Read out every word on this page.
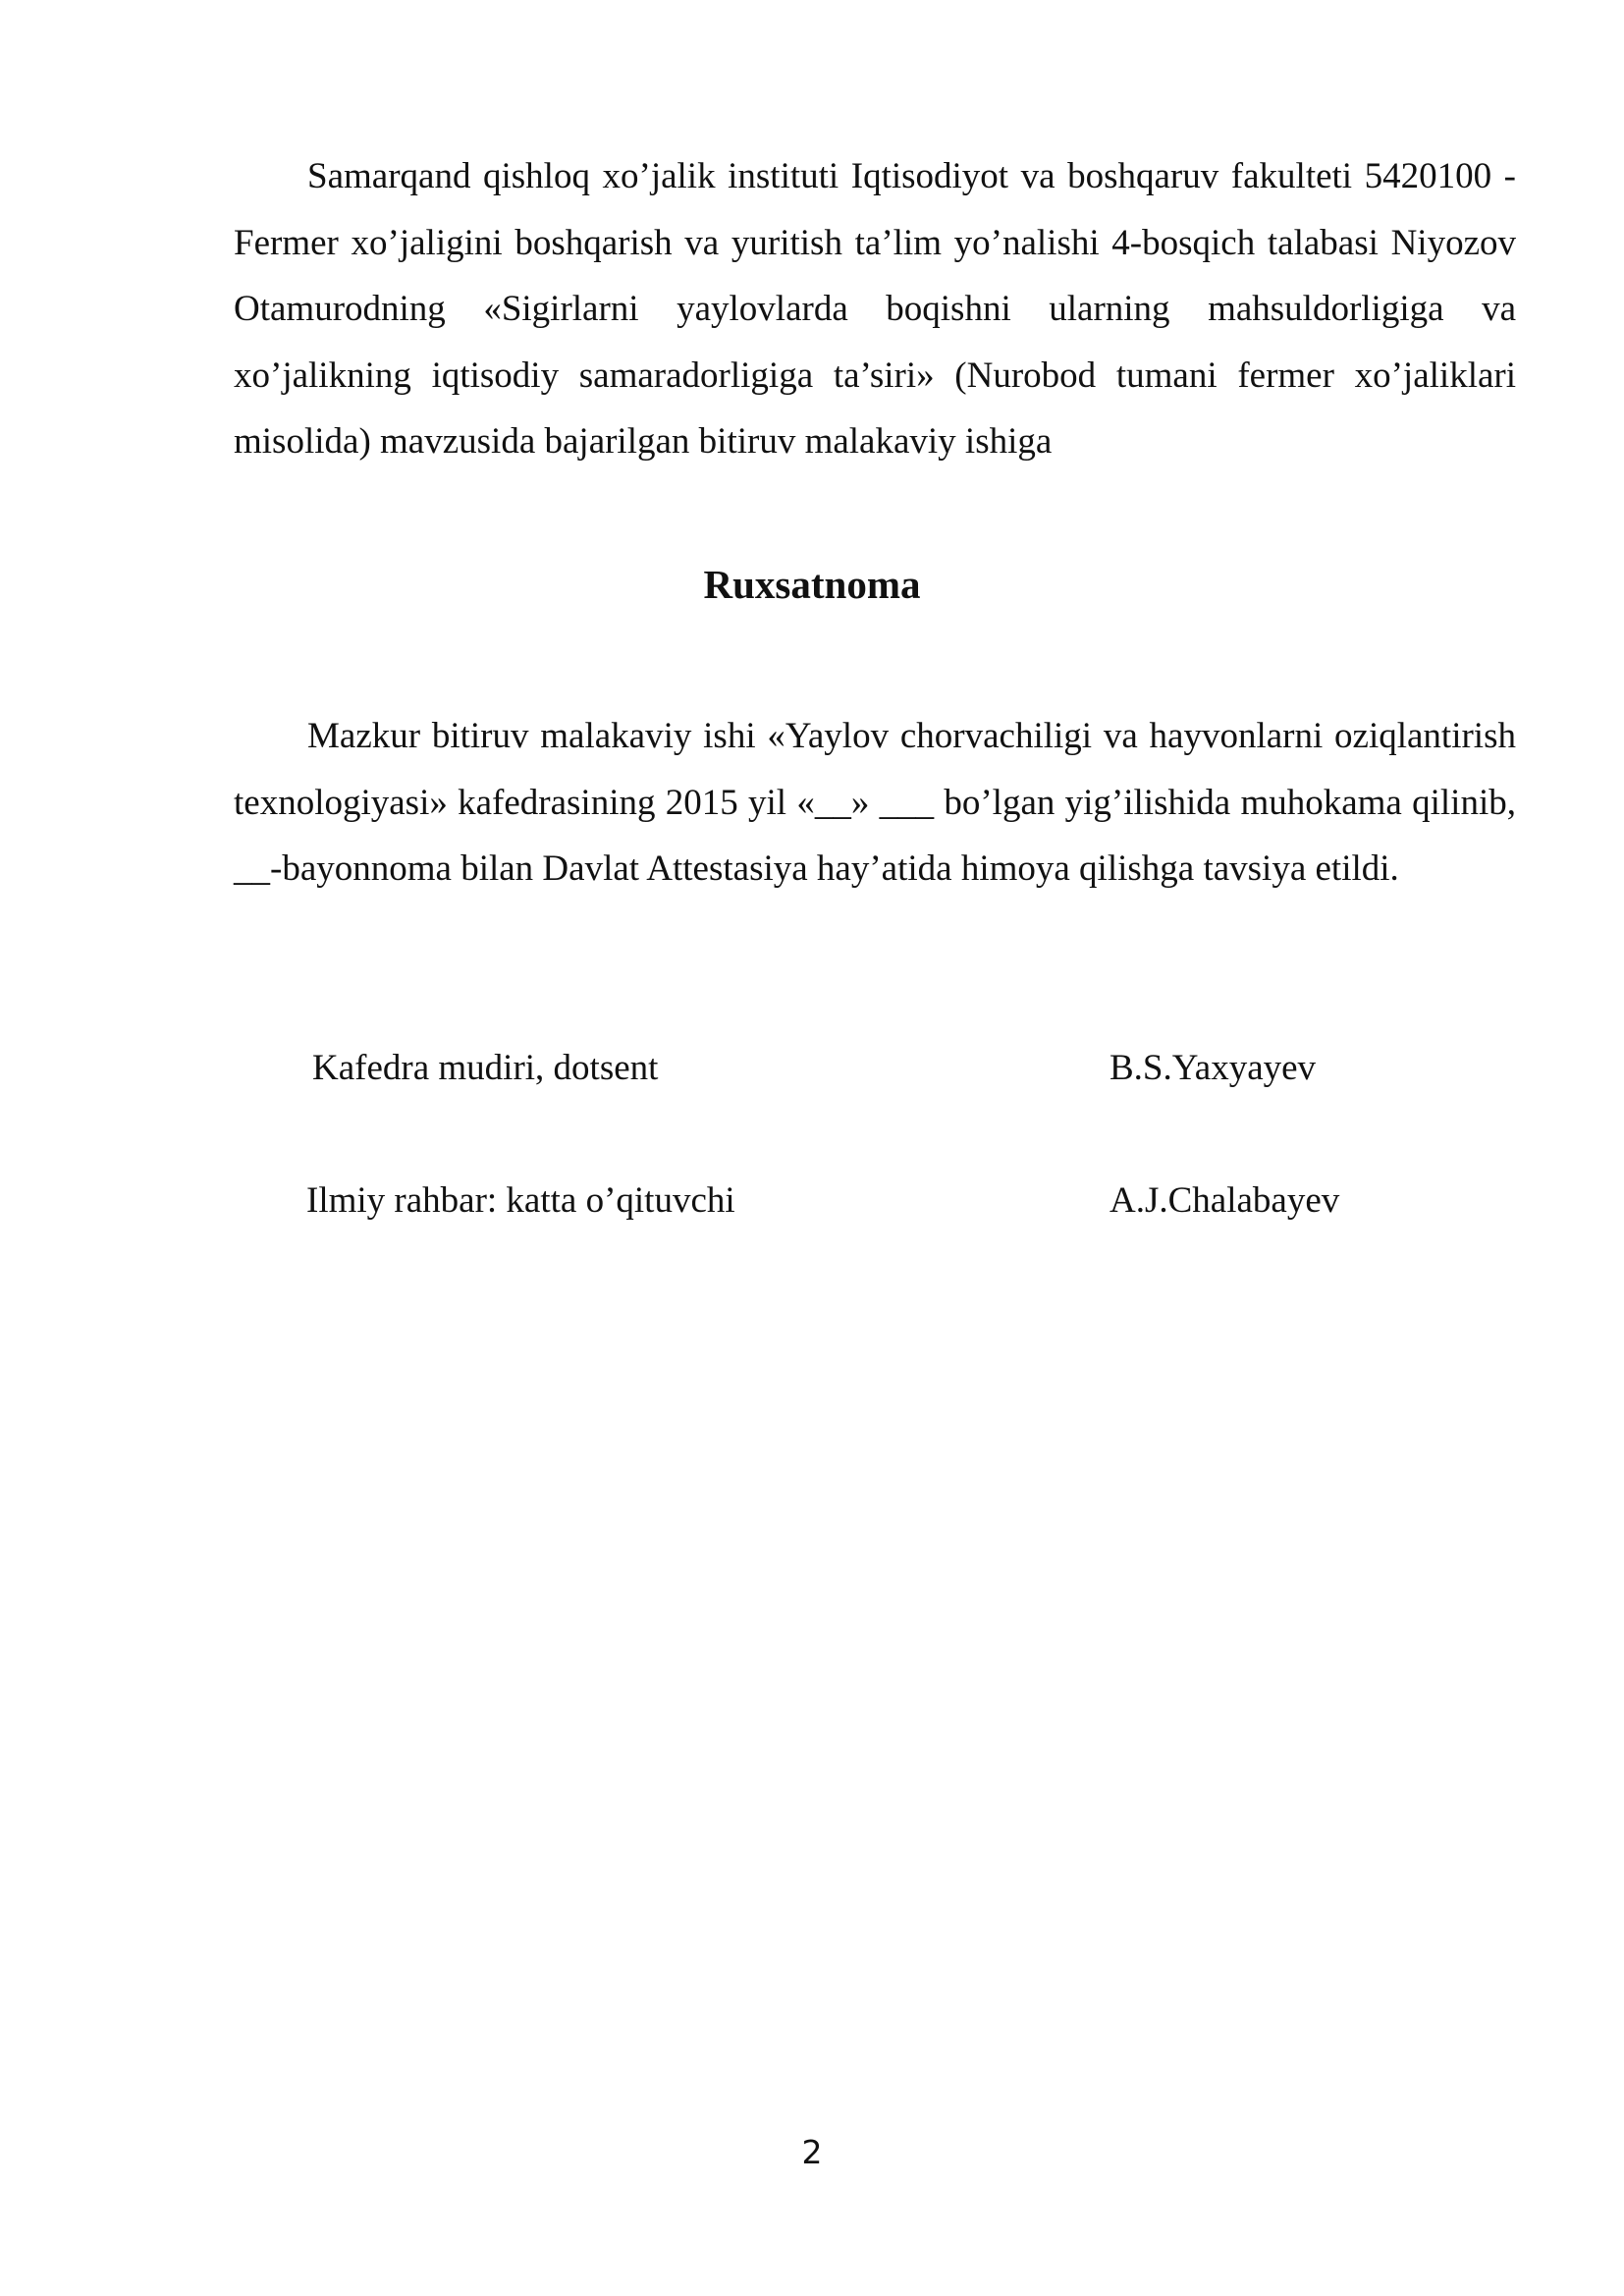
Samarqand qishloq xo’jalik instituti Iqtisodiyot va boshqaruv fakulteti 5420100 - Fermer xo’jaligini boshqarish va yuritish ta’lim yo’nalishi 4-bosqich talabasi Niyozov Otamurodning «Sigirlarni yaylovlarda boqishni ularning mahsuldorligiga va xo’jalikning iqtisodiy samaradorligiga ta’siri» (Nurobod tumani fermer xo’jaliklari misolida) mavzusida bajarilgan bitiruv malakaviy ishiga

Ruxsatnoma

Mazkur bitiruv malakaviy ishi «Yaylov chorvachiligi va hayvonlarni oziqlantirish texnologiyasi» kafedrasining 2015 yil «__» ___ bo’lgan yig’ilishida muhokama qilinib, __-bayonnoma bilan Davlat Attestasiya hay’atida himoya qilishga tavsiya etildi.

Kafedra mudiri, dotsent	B.S.Yaxyayev

Ilmiy rahbar: katta o’qituvchi	A.J.Chalabayev

2
